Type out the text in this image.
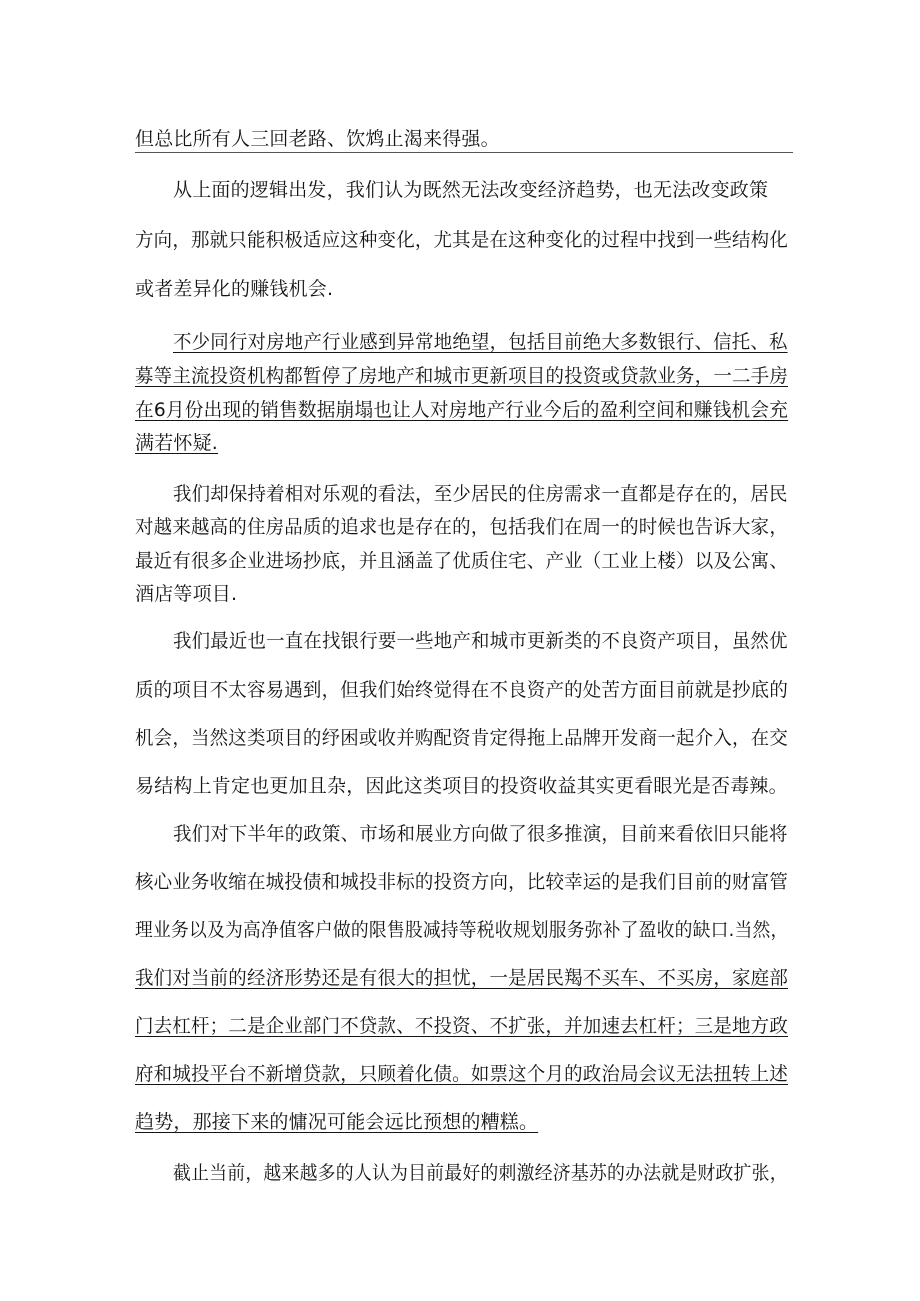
但总比所有人三回老路、饮鸩止渴来得强。
从上面的逻辑出发，我们认为既然无法改变经济趋势，也无法改变政策
方向，那就只能积极适应这种变化，尤其是在这种变化的过程中找到一些结构化
或者差异化的赚钱机会.
不少同行对房地产行业感到异常地绝望，包括目前绝大多数银行、信托、私
募等主流投资机构都暂停了房地产和城市更新项目的投资或贷款业务，一二手房
在6月份出现的销售数据崩塌也让人对房地产行业今后的盈利空间和赚钱机会充
满若怀疑.
我们却保持着相对乐观的看法，至少居民的住房需求一直都是存在的，居民
对越来越高的住房品质的追求也是存在的，包括我们在周一的时候也告诉大家，
最近有很多企业进场抄底，并且涵盖了优质住宅、产业（工业上楼）以及公寓、
酒店等项目.
我们最近也一直在找银行要一些地产和城市更新类的不良资产项目，虽然优
质的项目不太容易遇到，但我们始终觉得在不良资产的处苦方面目前就是抄底的
机会，当然这类项目的纾困或收并购配资肯定得拖上品牌开发商一起介入，在交
易结构上肯定也更加且杂，因此这类项目的投资收益其实更看眼光是否毒辣。
我们对下半年的政策、市场和展业方向做了很多推演，目前来看依旧只能将
核心业务收缩在城投债和城投非标的投资方向，比较幸运的是我们目前的财富管
理业务以及为高净值客户做的限售股减持等税收规划服务弥补了盈收的缺口.当然，
我们对当前的经济形势还是有很大的担忧，一是居民羯不买车、不买房，家庭部
门去杠杆；二是企业部门不贷款、不投资、不扩张，并加速去杠杆；三是地方政
府和城投平台不新增贷款，只顾着化债。如票这个月的政治局会议无法扭转上述
趋势，那接下来的慵况可能会远比预想的糟糕。
截止当前，越来越多的人认为目前最好的刺激经济基苏的办法就是财政扩张，
